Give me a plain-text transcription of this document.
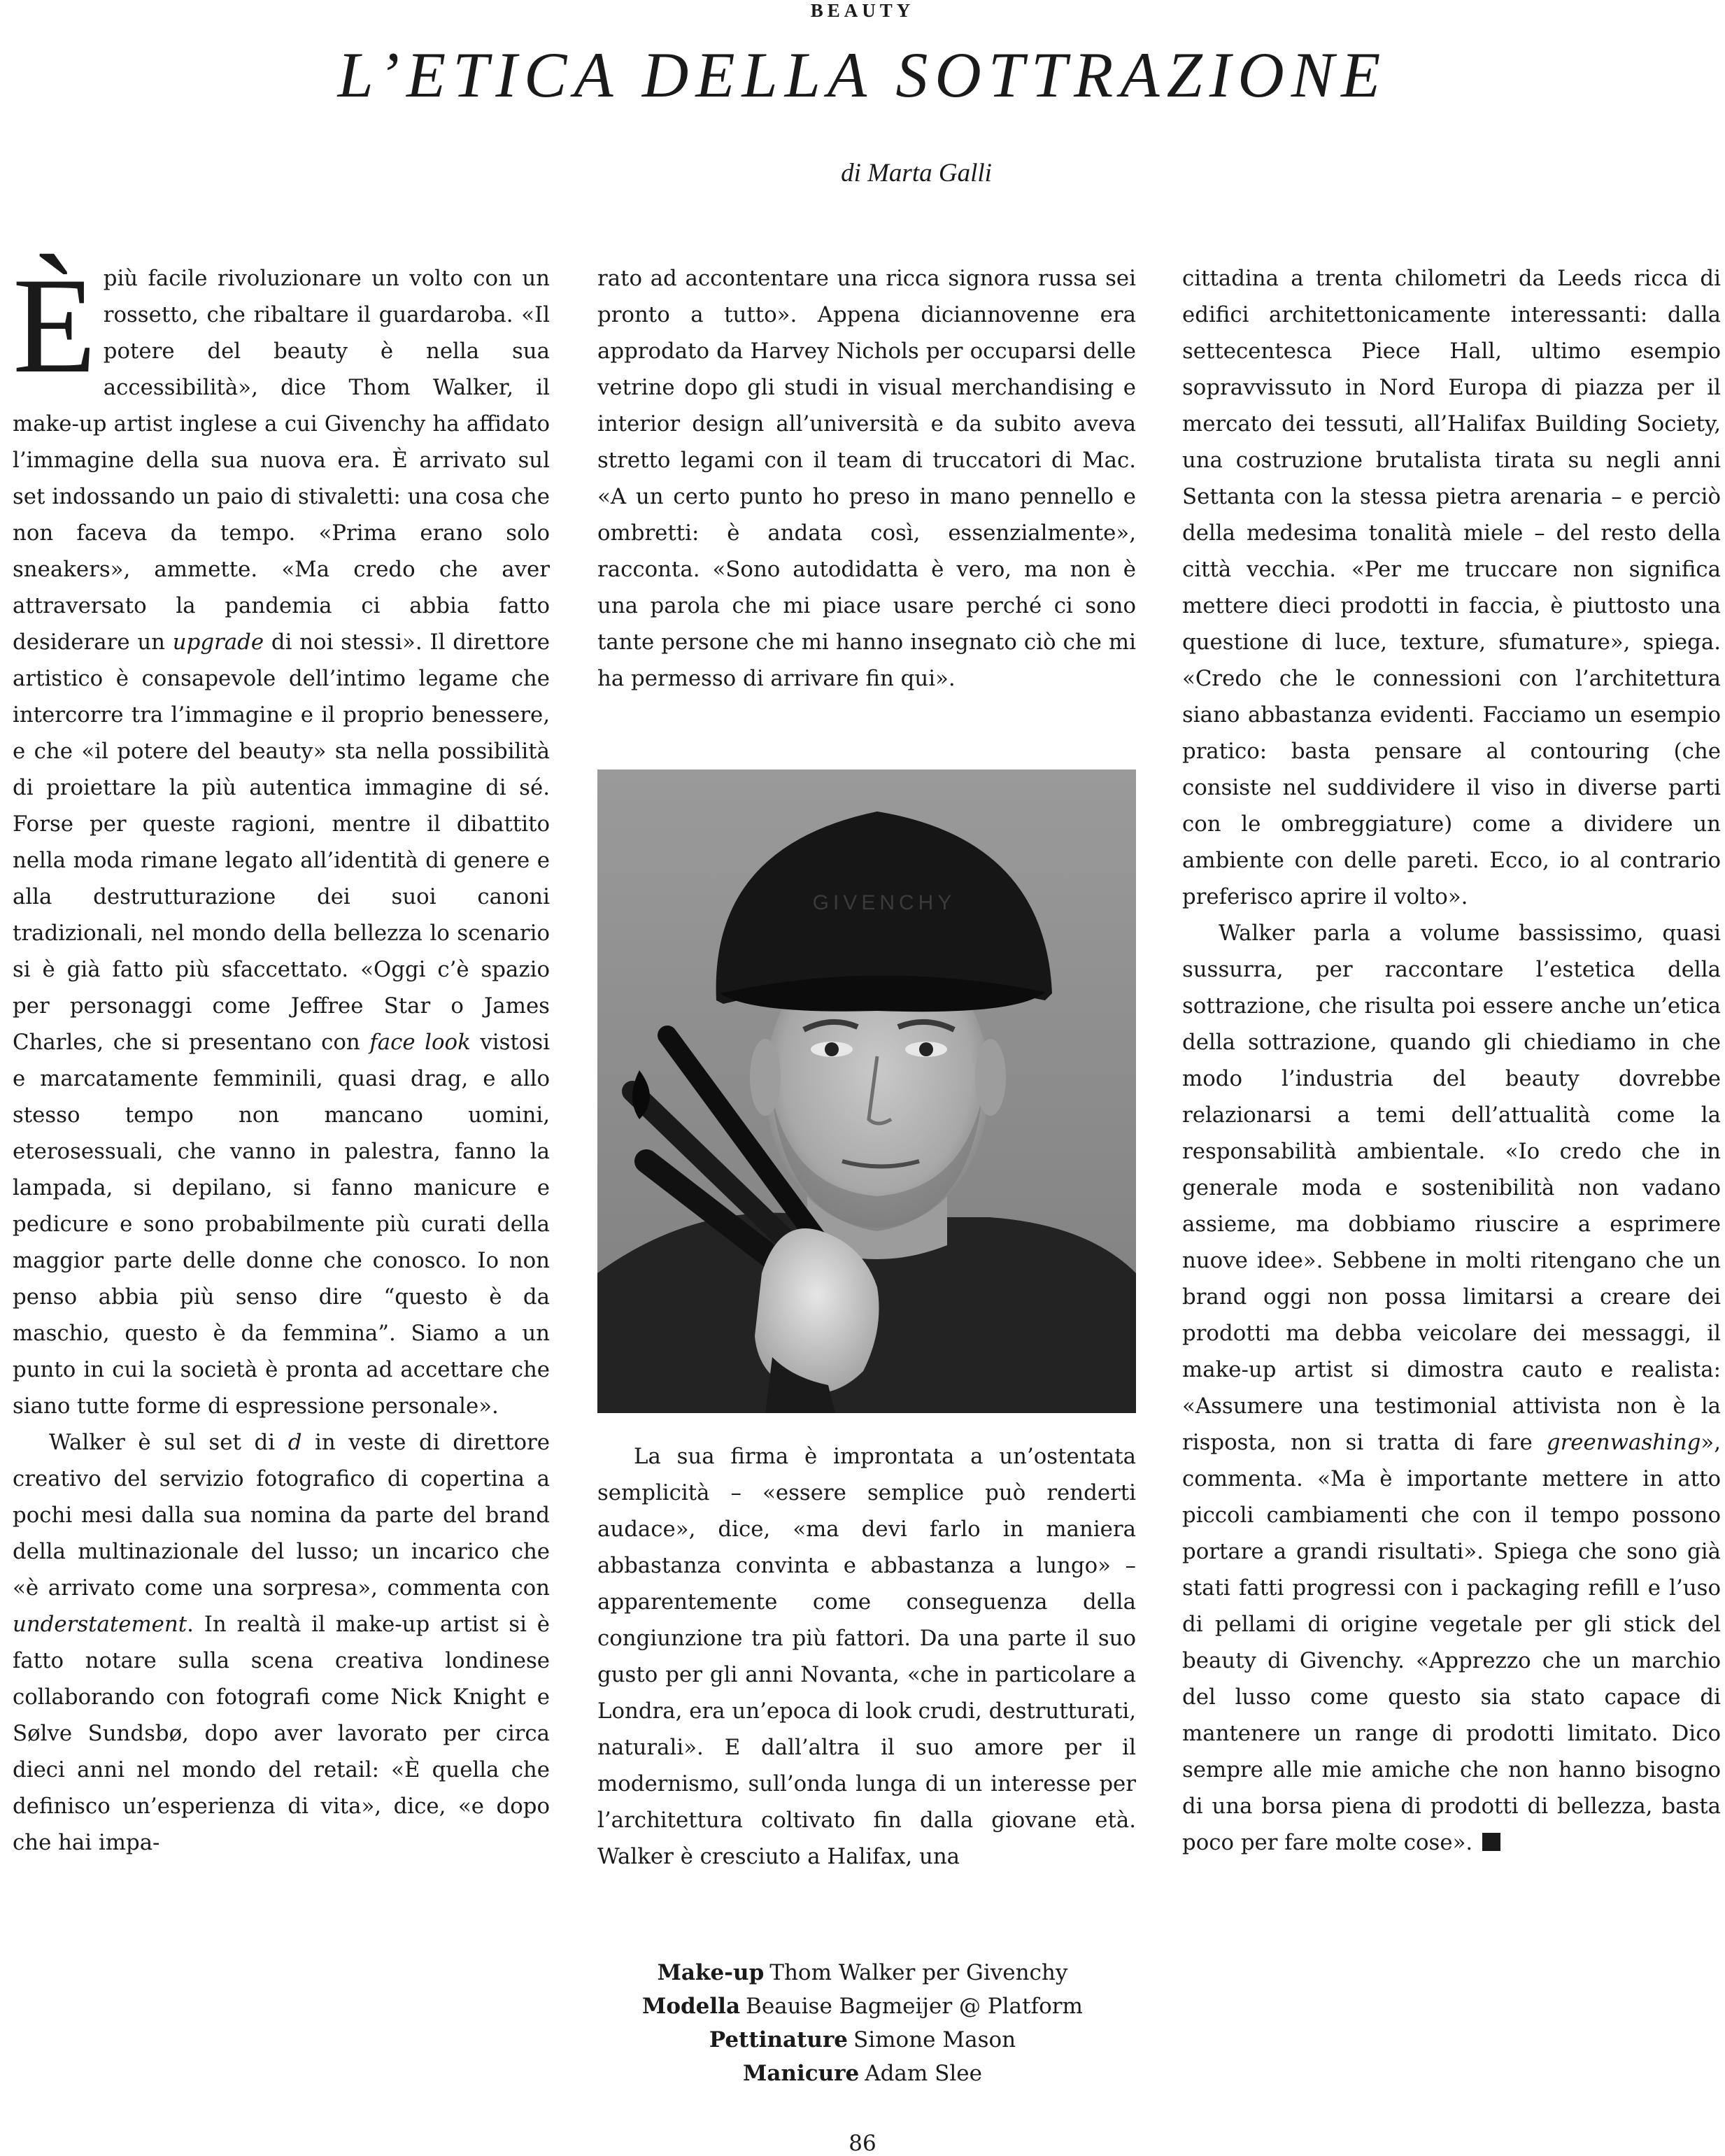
BEAUTY
L’ETICA DELLA SOTTRAZIONE
di Marta Galli

È più facile rivoluzionare un volto con un rossetto, che ribaltare il guardaroba. «Il potere del beauty è nella sua accessibilità», dice Thom Walker, il make-up artist inglese a cui Givenchy ha affidato l’immagine della sua nuova era. È arrivato sul set indossando un paio di stivaletti: una cosa che non faceva da tempo. «Prima erano solo sneakers», ammette. «Ma credo che aver attraversato la pandemia ci abbia fatto desiderare un upgrade di noi stessi». Il direttore artistico è consapevole dell’intimo legame che intercorre tra l’immagine e il proprio benessere, e che «il potere del beauty» sta nella possibilità di proiettare la più autentica immagine di sé. Forse per queste ragioni, mentre il dibattito nella moda rimane legato all’identità di genere e alla destrutturazione dei suoi canoni tradizionali, nel mondo della bellezza lo scenario si è già fatto più sfaccettato. «Oggi c’è spazio per personaggi come Jeffree Star o James Charles, che si presentano con face look vistosi e marcatamente femminili, quasi drag, e allo stesso tempo non mancano uomini, eterosessuali, che vanno in palestra, fanno la lampada, si depilano, si fanno manicure e pedicure e sono probabilmente più curati della maggior parte delle donne che conosco. Io non penso abbia più senso dire “questo è da maschio, questo è da femmina”. Siamo a un punto in cui la società è pronta ad accettare che siano tutte forme di espressione personale».

Walker è sul set di d in veste di direttore creativo del servizio fotografico di copertina a pochi mesi dalla sua nomina da parte del brand della multinazionale del lusso; un incarico che «è arrivato come una sorpresa», commenta con understatement. In realtà il make-up artist si è fatto notare sulla scena creativa londinese collaborando con fotografi come Nick Knight e Sølve Sundsbø, dopo aver lavorato per circa dieci anni nel mondo del retail: «È quella che definisco un’esperienza di vita», dice, «e dopo che hai impa-

rato ad accontentare una ricca signora russa sei pronto a tutto». Appena diciannovenne era approdato da Harvey Nichols per occuparsi delle vetrine dopo gli studi in visual merchandising e interior design all’università e da subito aveva stretto legami con il team di truccatori di Mac. «A un certo punto ho preso in mano pennello e ombretti: è andata così, essenzialmente», racconta. «Sono autodidatta è vero, ma non è una parola che mi piace usare perché ci sono tante persone che mi hanno insegnato ciò che mi ha permesso di arrivare fin qui».

GIVENCHY

La sua firma è improntata a un’ostentata semplicità – «essere semplice può renderti audace», dice, «ma devi farlo in maniera abbastanza convinta e abbastanza a lungo» – apparentemente come conseguenza della congiunzione tra più fattori. Da una parte il suo gusto per gli anni Novanta, «che in particolare a Londra, era un’epoca di look crudi, destrutturati, naturali». E dall’altra il suo amore per il modernismo, sull’onda lunga di un interesse per l’architettura coltivato fin dalla giovane età. Walker è cresciuto a Halifax, una

cittadina a trenta chilometri da Leeds ricca di edifici architettonicamente interessanti: dalla settecentesca Piece Hall, ultimo esempio sopravvissuto in Nord Europa di piazza per il mercato dei tessuti, all’Halifax Building Society, una costruzione brutalista tirata su negli anni Settanta con la stessa pietra arenaria – e perciò della medesima tonalità miele – del resto della città vecchia. «Per me truccare non significa mettere dieci prodotti in faccia, è piuttosto una questione di luce, texture, sfumature», spiega. «Credo che le connessioni con l’architettura siano abbastanza evidenti. Facciamo un esempio pratico: basta pensare al contouring (che consiste nel suddividere il viso in diverse parti con le ombreggiature) come a dividere un ambiente con delle pareti. Ecco, io al contrario preferisco aprire il volto».

Walker parla a volume bassissimo, quasi sussurra, per raccontare l’estetica della sottrazione, che risulta poi essere anche un’etica della sottrazione, quando gli chiediamo in che modo l’industria del beauty dovrebbe relazionarsi a temi dell’attualità come la responsabilità ambientale. «Io credo che in generale moda e sostenibilità non vadano assieme, ma dobbiamo riuscire a esprimere nuove idee». Sebbene in molti ritengano che un brand oggi non possa limitarsi a creare dei prodotti ma debba veicolare dei messaggi, il make-up artist si dimostra cauto e realista: «Assumere una testimonial attivista non è la risposta, non si tratta di fare greenwashing», commenta. «Ma è importante mettere in atto piccoli cambiamenti che con il tempo possono portare a grandi risultati». Spiega che sono già stati fatti progressi con i packaging refill e l’uso di pellami di origine vegetale per gli stick del beauty di Givenchy. «Apprezzo che un marchio del lusso come questo sia stato capace di mantenere un range di prodotti limitato. Dico sempre alle mie amiche che non hanno bisogno di una borsa piena di prodotti di bellezza, basta poco per fare molte cose».

Make-up Thom Walker per Givenchy
Modella Beauise Bagmeijer @ Platform
Pettinature Simone Mason
Manicure Adam Slee
86
